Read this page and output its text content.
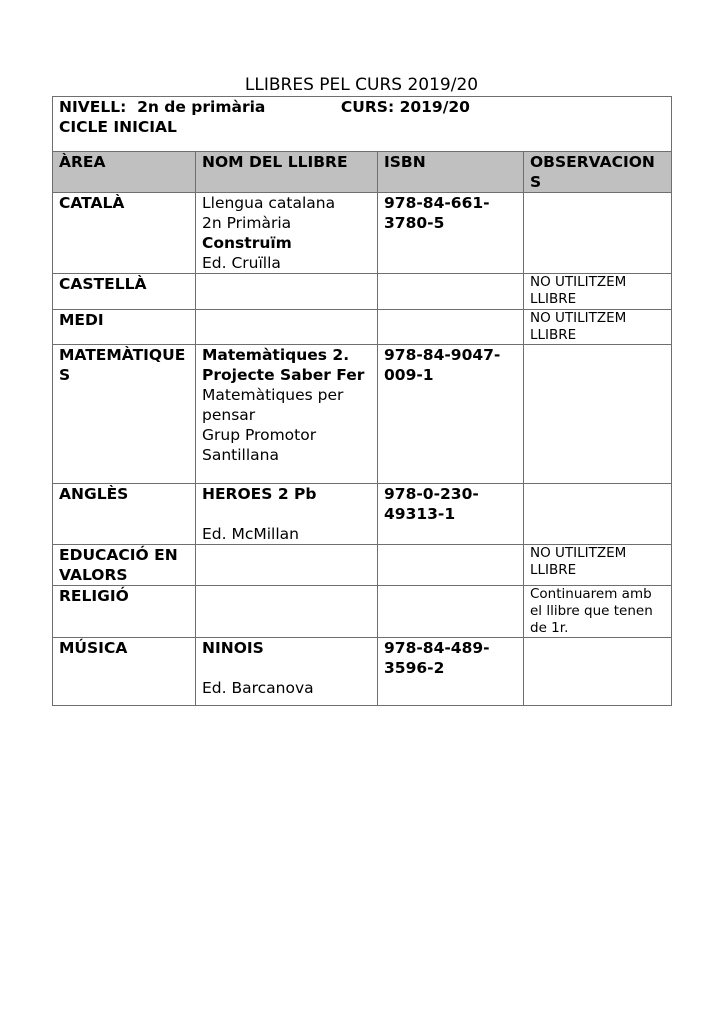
LLIBRES PEL CURS 2019/20
NIVELL:  2n de primària              CURS: 2019/20
CICLE INICIAL			

ÀREA	NOM DEL LLIBRE	ISBN	OBSERVACIONS
CATALÀ	Llengua catalana
2n Primària
Construïm
Ed. Cruïlla	978-84-661-3780-5	
CASTELLÀ			NO UTILITZEM LLIBRE
MEDI			NO UTILITZEM LLIBRE
MATEMÀTIQUES	Matemàtiques 2. Projecte Saber Fer
Matemàtiques per pensar
Grup Promotor Santillana	978-84-9047-009-1	
ANGLÈS	HEROES 2 Pb
Ed. McMillan	978-0-230-49313-1	
EDUCACIÓ EN VALORS			NO UTILITZEM LLIBRE
RELIGIÓ			Continuarem amb el llibre que tenen de 1r.
MÚSICA	NINOIS
Ed. Barcanova	978-84-489-3596-2	
